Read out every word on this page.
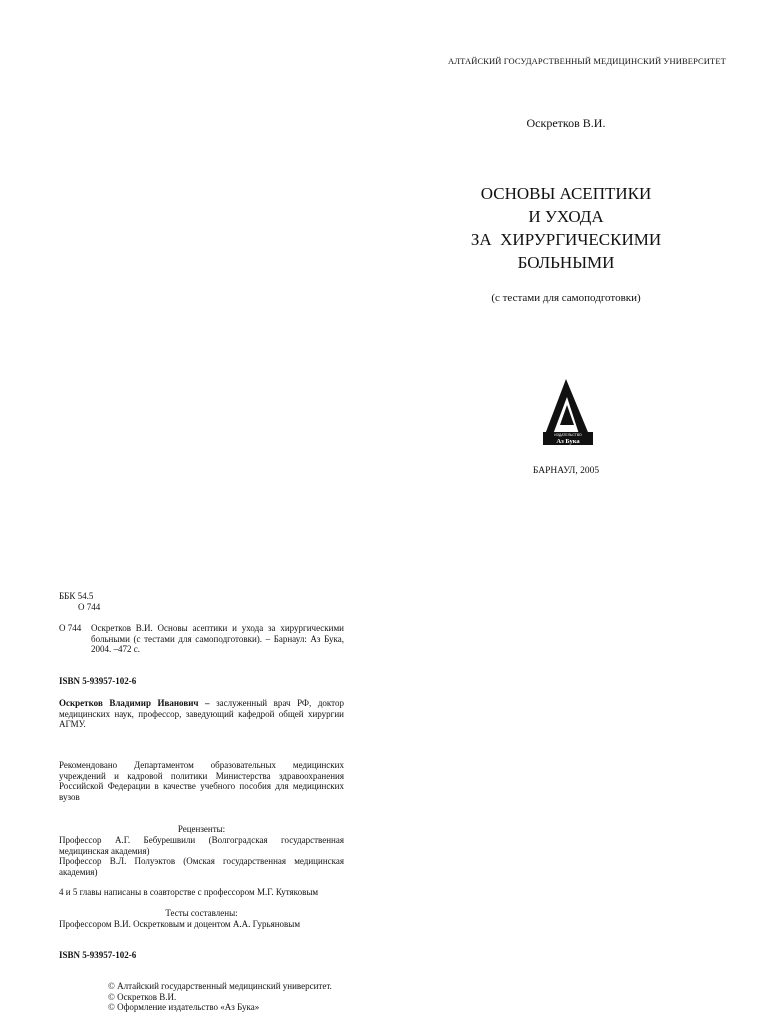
АЛТАЙСКИЙ ГОСУДАРСТВЕННЫЙ МЕДИЦИНСКИЙ УНИВЕРСИТЕТ
Оскретков В.И.
ОСНОВЫ АСЕПТИКИ
И УХОДА
ЗА  ХИРУРГИЧЕСКИМИ
БОЛЬНЫМИ
(с тестами для самоподготовки)
ИЗДАТЕЛЬСТВО
Аз Бука
БАРНАУЛ, 2005
ББК 54.5
О 744
О 744 Оскретков В.И. Основы асептики и ухода за хирургическими больными (с тестами для самоподготовки). – Барнаул: Аз Бука, 2004. –472 с.
ISBN 5-93957-102-6
Оскретков Владимир Иванович – заслуженный врач РФ, доктор медицинских наук, профессор, заведующий кафедрой общей хирургии АГМУ.
Рекомендовано Департаментом образовательных медицинских учреждений и кадровой политики Министерства здравоохранения Российской Федерации в качестве учебного пособия для медицинских вузов
Рецензенты:
Профессор А.Г. Бебурешвили (Волгоградская государственная медицинская академия)
Профессор В.Л. Полуэктов (Омская государственная медицинская академия)
4 и 5 главы написаны в соавторстве с профессором М.Г. Кутяковым
Тесты составлены:
Профессором В.И. Оскретковым и доцентом А.А. Гурьяновым
ISBN 5-93957-102-6
© Алтайский государственный медицинский университет.
© Оскретков В.И.
© Оформление издательство «Аз Бука»
